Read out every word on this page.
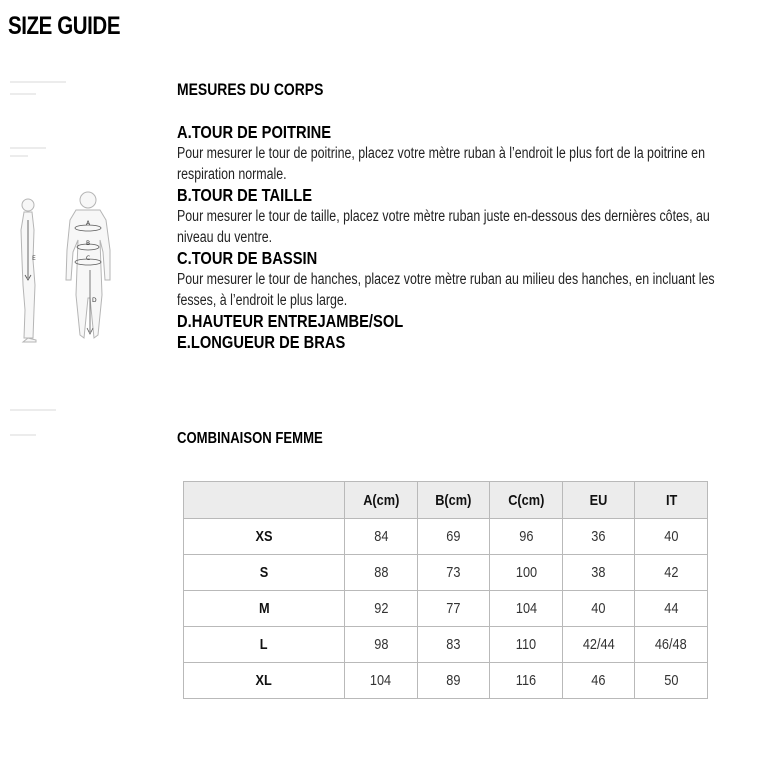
SIZE GUIDE
E
A
B
C
D
MESURES DU CORPS
A.TOUR DE POITRINE
Pour mesurer le tour de poitrine, placez votre mètre ruban à l’endroit le plus fort de la poitrine en respiration normale.
B.TOUR DE TAILLE
Pour mesurer le tour de taille, placez votre mètre ruban juste en-dessous des dernières côtes, au niveau du ventre.
C.TOUR DE BASSIN
Pour mesurer le tour de hanches, placez votre mètre ruban au milieu des hanches, en incluant les fesses, à l’endroit le plus large.
D.HAUTEUR ENTREJAMBE/SOL
E.LONGUEUR DE BRAS
COMBINAISON FEMME
	A(cm)	B(cm)	C(cm)	EU	IT
XS	84	69	96	36	40
S	88	73	100	38	42
M	92	77	104	40	44
L	98	83	110	42/44	46/48
XL	104	89	116	46	50
